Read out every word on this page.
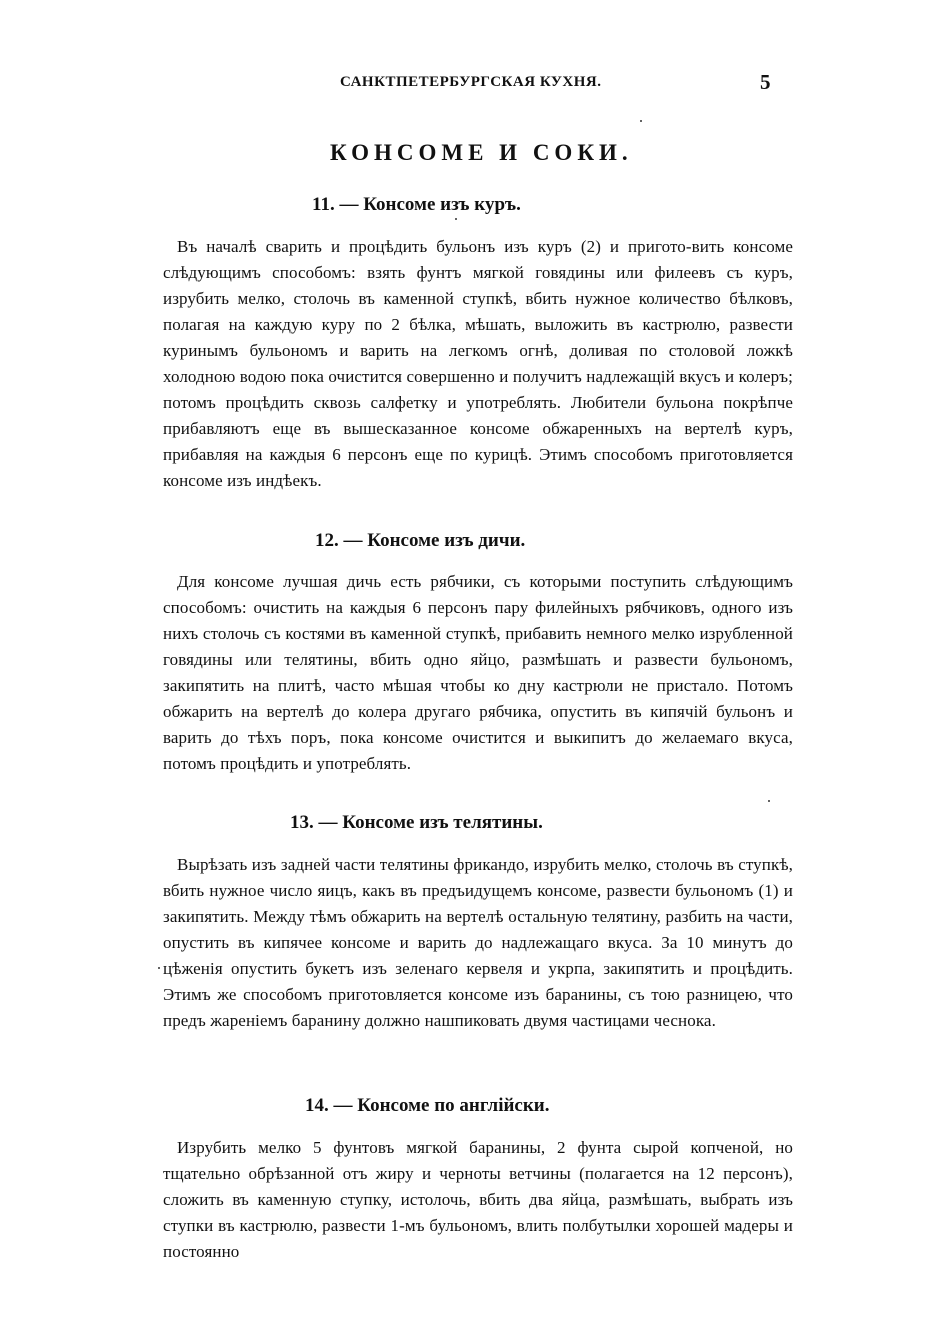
САНКТПЕТЕРБУРГСКАЯ КУХНЯ.	5
КОНСОМЕ И СОКИ.
11. — Консоме изъ куръ.

Въ началѣ сварить и процѣдить бульонъ изъ куръ (2) и пригото-вить консоме слѣдующимъ способомъ: взять фунтъ мягкой говядины или филеевъ съ куръ, изрубить мелко, столочь въ каменной ступкѣ, вбить нужное количество бѣлковъ, полагая на каждую куру по 2 бѣлка, мѣшать, выложить въ кастрюлю, развести куринымъ бульономъ и варить на легкомъ огнѣ, доливая по столовой ложкѣ холодною водою пока очистится совершенно и получитъ надлежащiй вкусъ и колеръ; потомъ процѣдить сквозь салфетку и употреблять. Любители бульона покрѣпче прибавляютъ еще въ вышесказанное консоме обжаренныхъ на вертелѣ куръ, прибавляя на каждыя 6 персонъ еще по курицѣ. Этимъ способомъ приготовляется консоме изъ индѣекъ.

12. — Консоме изъ дичи.

Для консоме лучшая дичь есть рябчики, съ которыми поступить слѣдующимъ способомъ: очистить на каждыя 6 персонъ пару филейныхъ рябчиковъ, одного изъ нихъ столочь съ костями въ каменной ступкѣ, прибавить немного мелко изрубленной говядины или телятины, вбить одно яйцо, размѣшать и развести бульономъ, закипятить на плитѣ, часто мѣшая чтобы ко дну кастрюли не пристало. Потомъ обжарить на вертелѣ до колера другаго рябчика, опустить въ кипячiй бульонъ и варить до тѣхъ поръ, пока консоме очистится и выкипитъ до желаемаго вкуса, потомъ процѣдить и употреблять.

13. — Консоме изъ телятины.

Вырѣзать изъ задней части телятины фрикандо, изрубить мелко, столочь въ ступкѣ, вбить нужное число яицъ, какъ въ предъидущемъ консоме, развести бульономъ (1) и закипятить. Между тѣмъ обжарить на вертелѣ остальную телятину, разбить на части, опустить въ кипячее консоме и варить до надлежащаго вкуса. За 10 минутъ до цѣженiя опустить букетъ изъ зеленаго кервеля и укрпа, закипятить и процѣдить. Этимъ же способомъ приготовляется консоме изъ баранины, съ тою разницею, что предъ жаренiемъ баранину должно нашпиковать двумя частицами чеснока.

14. — Консоме по англiйски.

Изрубить мелко 5 фунтовъ мягкой баранины, 2 фунта сырой копченой, но тщательно обрѣзанной отъ жиру и черноты ветчины (полагается на 12 персонъ), сложить въ каменную ступку, истолочь, вбить два яйца, размѣшать, выбрать изъ ступки въ кастрюлю, развести 1-мъ бульономъ, влить полбутылки хорошей мадеры и постоянно
